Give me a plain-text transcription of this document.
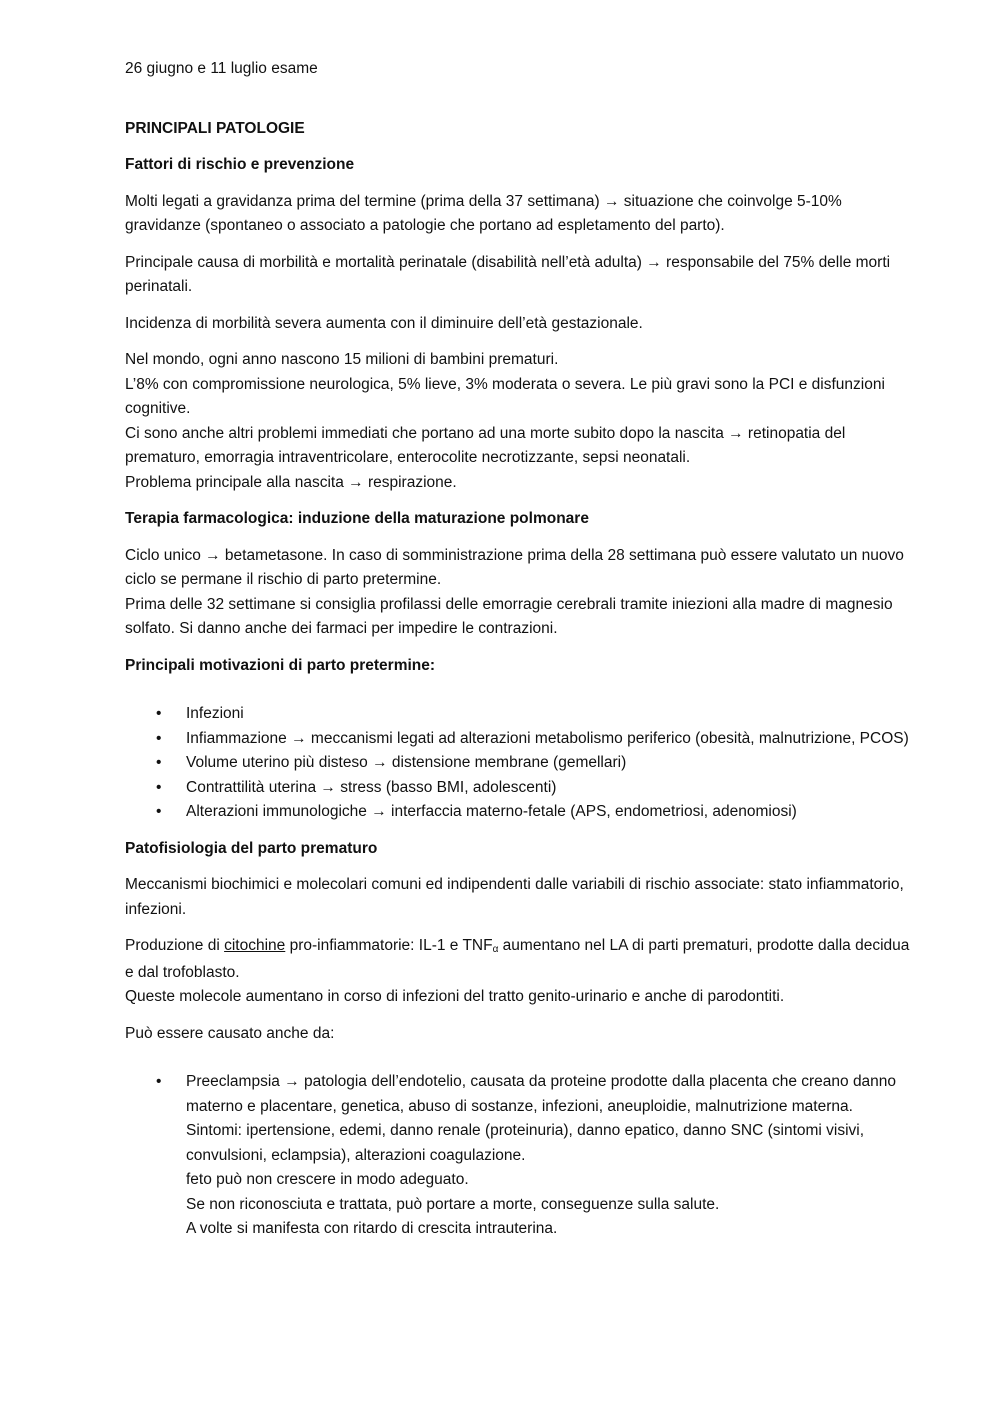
26 giugno e 11 luglio esame

PRINCIPALI PATOLOGIE

Fattori di rischio e prevenzione

Molti legati a gravidanza prima del termine (prima della 37 settimana) → situazione che coinvolge 5-10% gravidanze (spontaneo o associato a patologie che portano ad espletamento del parto).

Principale causa di morbilità e mortalità perinatale (disabilità nell’età adulta) → responsabile del 75% delle morti perinatali.

Incidenza di morbilità severa aumenta con il diminuire dell’età gestazionale.

Nel mondo, ogni anno nascono 15 milioni di bambini prematuri.
L’8% con compromissione neurologica, 5% lieve, 3% moderata o severa. Le più gravi sono la PCI e disfunzioni cognitive.
Ci sono anche altri problemi immediati che portano ad una morte subito dopo la nascita → retinopatia del prematuro, emorragia intraventricolare, enterocolite necrotizzante, sepsi neonatali.
Problema principale alla nascita → respirazione.

Terapia farmacologica: induzione della maturazione polmonare

Ciclo unico → betametasone. In caso di somministrazione prima della 28 settimana può essere valutato un nuovo ciclo se permane il rischio di parto pretermine.
Prima delle 32 settimane si consiglia profilassi delle emorragie cerebrali tramite iniezioni alla madre di magnesio solfato. Si danno anche dei farmaci per impedire le contrazioni.

Principali motivazioni di parto pretermine:

• Infezioni
• Infiammazione → meccanismi legati ad alterazioni metabolismo periferico (obesità, malnutrizione, PCOS)
• Volume uterino più disteso → distensione membrane (gemellari)
• Contrattilità uterina → stress (basso BMI, adolescenti)
• Alterazioni immunologiche → interfaccia materno-fetale (APS, endometriosi, adenomiosi)

Patofisiologia del parto prematuro

Meccanismi biochimici e molecolari comuni ed indipendenti dalle variabili di rischio associate: stato infiammatorio, infezioni.

Produzione di citochine pro-infiammatorie: IL-1 e $TNF_\alpha$ aumentano nel LA di parti prematuri, prodotte dalla decidua e dal trofoblasto.
Queste molecole aumentano in corso di infezioni del tratto genito-urinario e anche di parodontiti.

Può essere causato anche da:

• Preeclampsia → patologia dell’endotelio, causata da proteine prodotte dalla placenta che creano danno materno e placentare, genetica, abuso di sostanze, infezioni, aneuploidie, malnutrizione materna.
Sintomi: ipertensione, edemi, danno renale (proteinuria), danno epatico, danno SNC (sintomi visivi, convulsioni, eclampsia), alterazioni coagulazione.
feto può non crescere in modo adeguato.
Se non riconosciuta e trattata, può portare a morte, conseguenze sulla salute.
A volte si manifesta con ritardo di crescita intrauterina.
